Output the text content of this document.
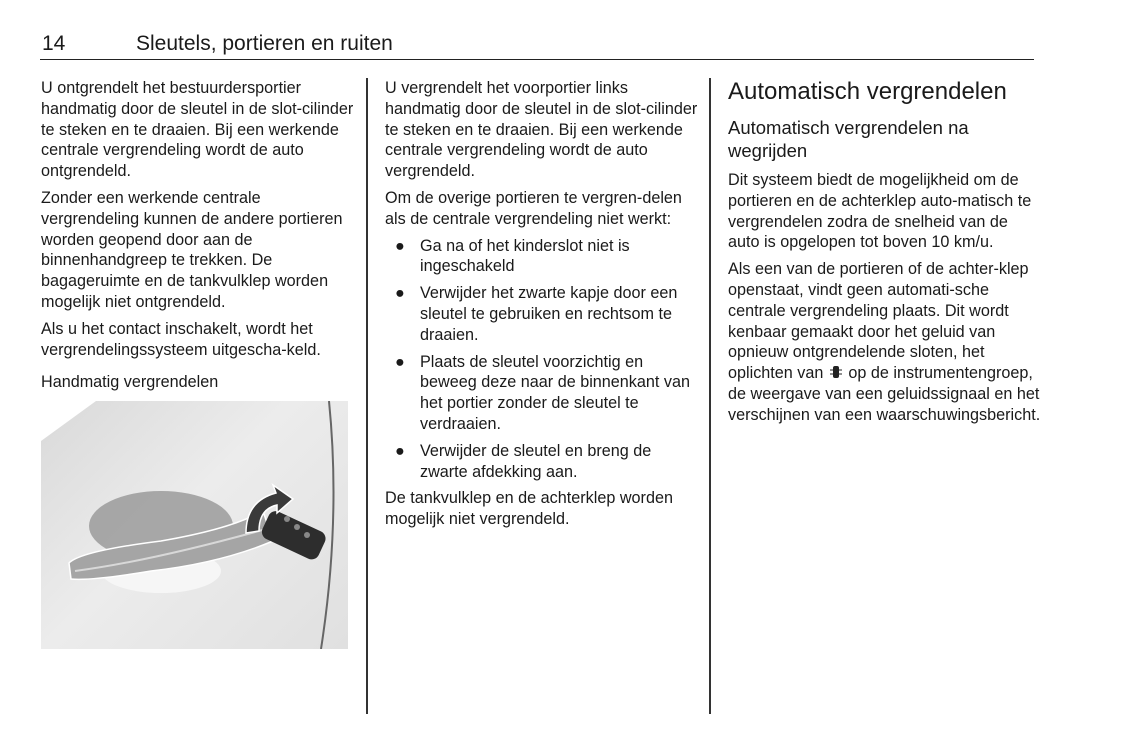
14	Sleutels, portieren en ruiten

U ontgrendelt het bestuurdersportier handmatig door de sleutel in de slot-cilinder te steken en te draaien. Bij een werkende centrale vergrendeling wordt de auto ontgrendeld.

Zonder een werkende centrale vergrendeling kunnen de andere portieren worden geopend door aan de binnenhandgreep te trekken. De bagageruimte en de tankvulklep worden mogelijk niet ontgrendeld.

Als u het contact inschakelt, wordt het vergrendelingssysteem uitgescha-keld.

Handmatig vergrendelen

U vergrendelt het voorportier links handmatig door de sleutel in de slot-cilinder te steken en te draaien. Bij een werkende centrale vergrendeling wordt de auto vergrendeld.

Om de overige portieren te vergren-delen als de centrale vergrendeling niet werkt:

● Ga na of het kinderslot niet is ingeschakeld
● Verwijder het zwarte kapje door een sleutel te gebruiken en rechtsom te draaien.
● Plaats de sleutel voorzichtig en beweeg deze naar de binnenkant van het portier zonder de sleutel te verdraaien.
● Verwijder de sleutel en breng de zwarte afdekking aan.

De tankvulklep en de achterklep worden mogelijk niet vergrendeld.

Automatisch vergrendelen
Automatisch vergrendelen na wegrijden

Dit systeem biedt de mogelijkheid om de portieren en de achterklep auto-matisch te vergrendelen zodra de snelheid van de auto is opgelopen tot boven 10 km/u.

Als een van de portieren of de achter-klep openstaat, vindt geen automati-sche centrale vergrendeling plaats. Dit wordt kenbaar gemaakt door het geluid van opnieuw ontgrendelende sloten, het oplichten van op de instrumentengroep, de weergave van een geluidssignaal en het verschijnen van een waarschuwingsbericht.
